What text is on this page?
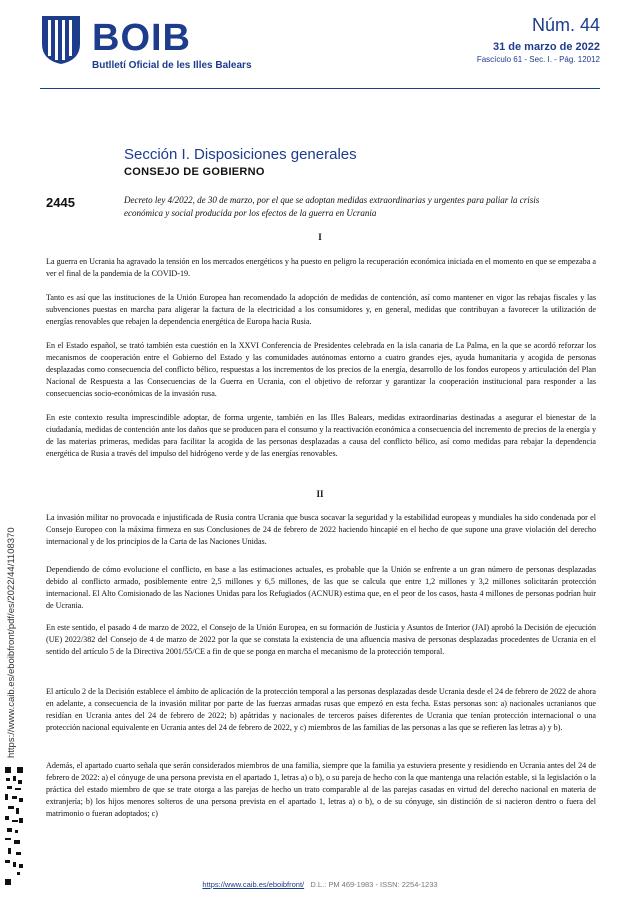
BOIB
Butlletí Oficial de les Illes Balears
Núm. 44
31 de marzo de 2022
Fascículo 61 - Sec. I. - Pág. 12012
Sección I. Disposiciones generales
CONSEJO DE GOBIERNO
2445	Decreto ley 4/2022, de 30 de marzo, por el que se adoptan medidas extraordinarias y urgentes para paliar la crisis económica y social producida por los efectos de la guerra en Ucrania
I
La guerra en Ucrania ha agravado la tensión en los mercados energéticos y ha puesto en peligro la recuperación económica iniciada en el momento en que se empezaba a ver el final de la pandemia de la COVID-19.
Tanto es así que las instituciones de la Unión Europea han recomendado la adopción de medidas de contención, así como mantener en vigor las rebajas fiscales y las subvenciones puestas en marcha para aligerar la factura de la electricidad a los consumidores y, en general, medidas que contribuyan a favorecer la utilización de energías renovables que rebajen la dependencia energética de Europa hacia Rusia.
En el Estado español, se trató también esta cuestión en la XXVI Conferencia de Presidentes celebrada en la isla canaria de La Palma, en la que se acordó reforzar los mecanismos de cooperación entre el Gobierno del Estado y las comunidades autónomas entorno a cuatro grandes ejes, ayuda humanitaria y acogida de personas desplazadas como consecuencia del conflicto bélico, respuestas a los incrementos de los precios de la energía, desarrollo de los fondos europeos y articulación del Plan Nacional de Respuesta a las Consecuencias de la Guerra en Ucrania, con el objetivo de reforzar y garantizar la cooperación institucional para responder a las consecuencias socio-económicas de la invasión rusa.
En este contexto resulta imprescindible adoptar, de forma urgente, también en las Illes Balears, medidas extraordinarias destinadas a asegurar el bienestar de la ciudadanía, medidas de contención ante los daños que se producen para el consumo y la reactivación económica a consecuencia del incremento de precios de la energía y de las materias primeras, medidas para facilitar la acogida de las personas desplazadas a causa del conflicto bélico, así como medidas para rebajar la dependencia energética de Rusia a través del impulso del hidrógeno verde y de las energías renovables.
II
La invasión militar no provocada e injustificada de Rusia contra Ucrania que busca socavar la seguridad y la estabilidad europeas y mundiales ha sido condenada por el Consejo Europeo con la máxima firmeza en sus Conclusiones de 24 de febrero de 2022 haciendo hincapié en el hecho de que supone una grave violación del derecho internacional y de los principios de la Carta de las Naciones Unidas.
Dependiendo de cómo evolucione el conflicto, en base a las estimaciones actuales, es probable que la Unión se enfrente a un gran número de personas desplazadas debido al conflicto armado, posiblemente entre 2,5 millones y 6,5 millones, de las que se calcula que entre 1,2 millones y 3,2 millones solicitarán protección internacional. El Alto Comisionado de las Naciones Unidas para los Refugiados (ACNUR) estima que, en el peor de los casos, hasta 4 millones de personas podrían huir de Ucrania.
En este sentido, el pasado 4 de marzo de 2022, el Consejo de la Unión Europea, en su formación de Justicia y Asuntos de Interior (JAI) aprobó la Decisión de ejecución (UE) 2022/382 del Consejo de 4 de marzo de 2022 por la que se constata la existencia de una afluencia masiva de personas desplazadas procedentes de Ucrania en el sentido del artículo 5 de la Directiva 2001/55/CE a fin de que se ponga en marcha el mecanismo de la protección temporal.
El artículo 2 de la Decisión establece el ámbito de aplicación de la protección temporal a las personas desplazadas desde Ucrania desde el 24 de febrero de 2022 de ahora en adelante, a consecuencia de la invasión militar por parte de las fuerzas armadas rusas que empezó en esta fecha. Estas personas son: a) nacionales ucranianos que residían en Ucrania antes del 24 de febrero de 2022; b) apátridas y nacionales de terceros países diferentes de Ucrania que tenían protección internacional o una protección nacional equivalente en Ucrania antes del 24 de febrero de 2022, y c) miembros de las familias de las personas a las que se refieren las letras a) y b).
Además, el apartado cuarto señala que serán considerados miembros de una familia, siempre que la familia ya estuviera presente y residiendo en Ucrania antes del 24 de febrero de 2022: a) el cónyuge de una persona prevista en el apartado 1, letras a) o b), o su pareja de hecho con la que mantenga una relación estable, si la legislación o la práctica del estado miembro de que se trate otorga a las parejas de hecho un trato comparable al de las parejas casadas en virtud del derecho nacional en materia de extranjería; b) los hijos menores solteros de una persona prevista en el apartado 1, letras a) o b), o de su cónyuge, sin distinción de si nacieron dentro o fuera del matrimonio o fueran adoptados; c)
https://www.caib.es/eboibfront/pdf/es/2022/44/1108370
https://www.caib.es/eboibfront/ D.L.: PM 469-1983 - ISSN: 2254-1233
